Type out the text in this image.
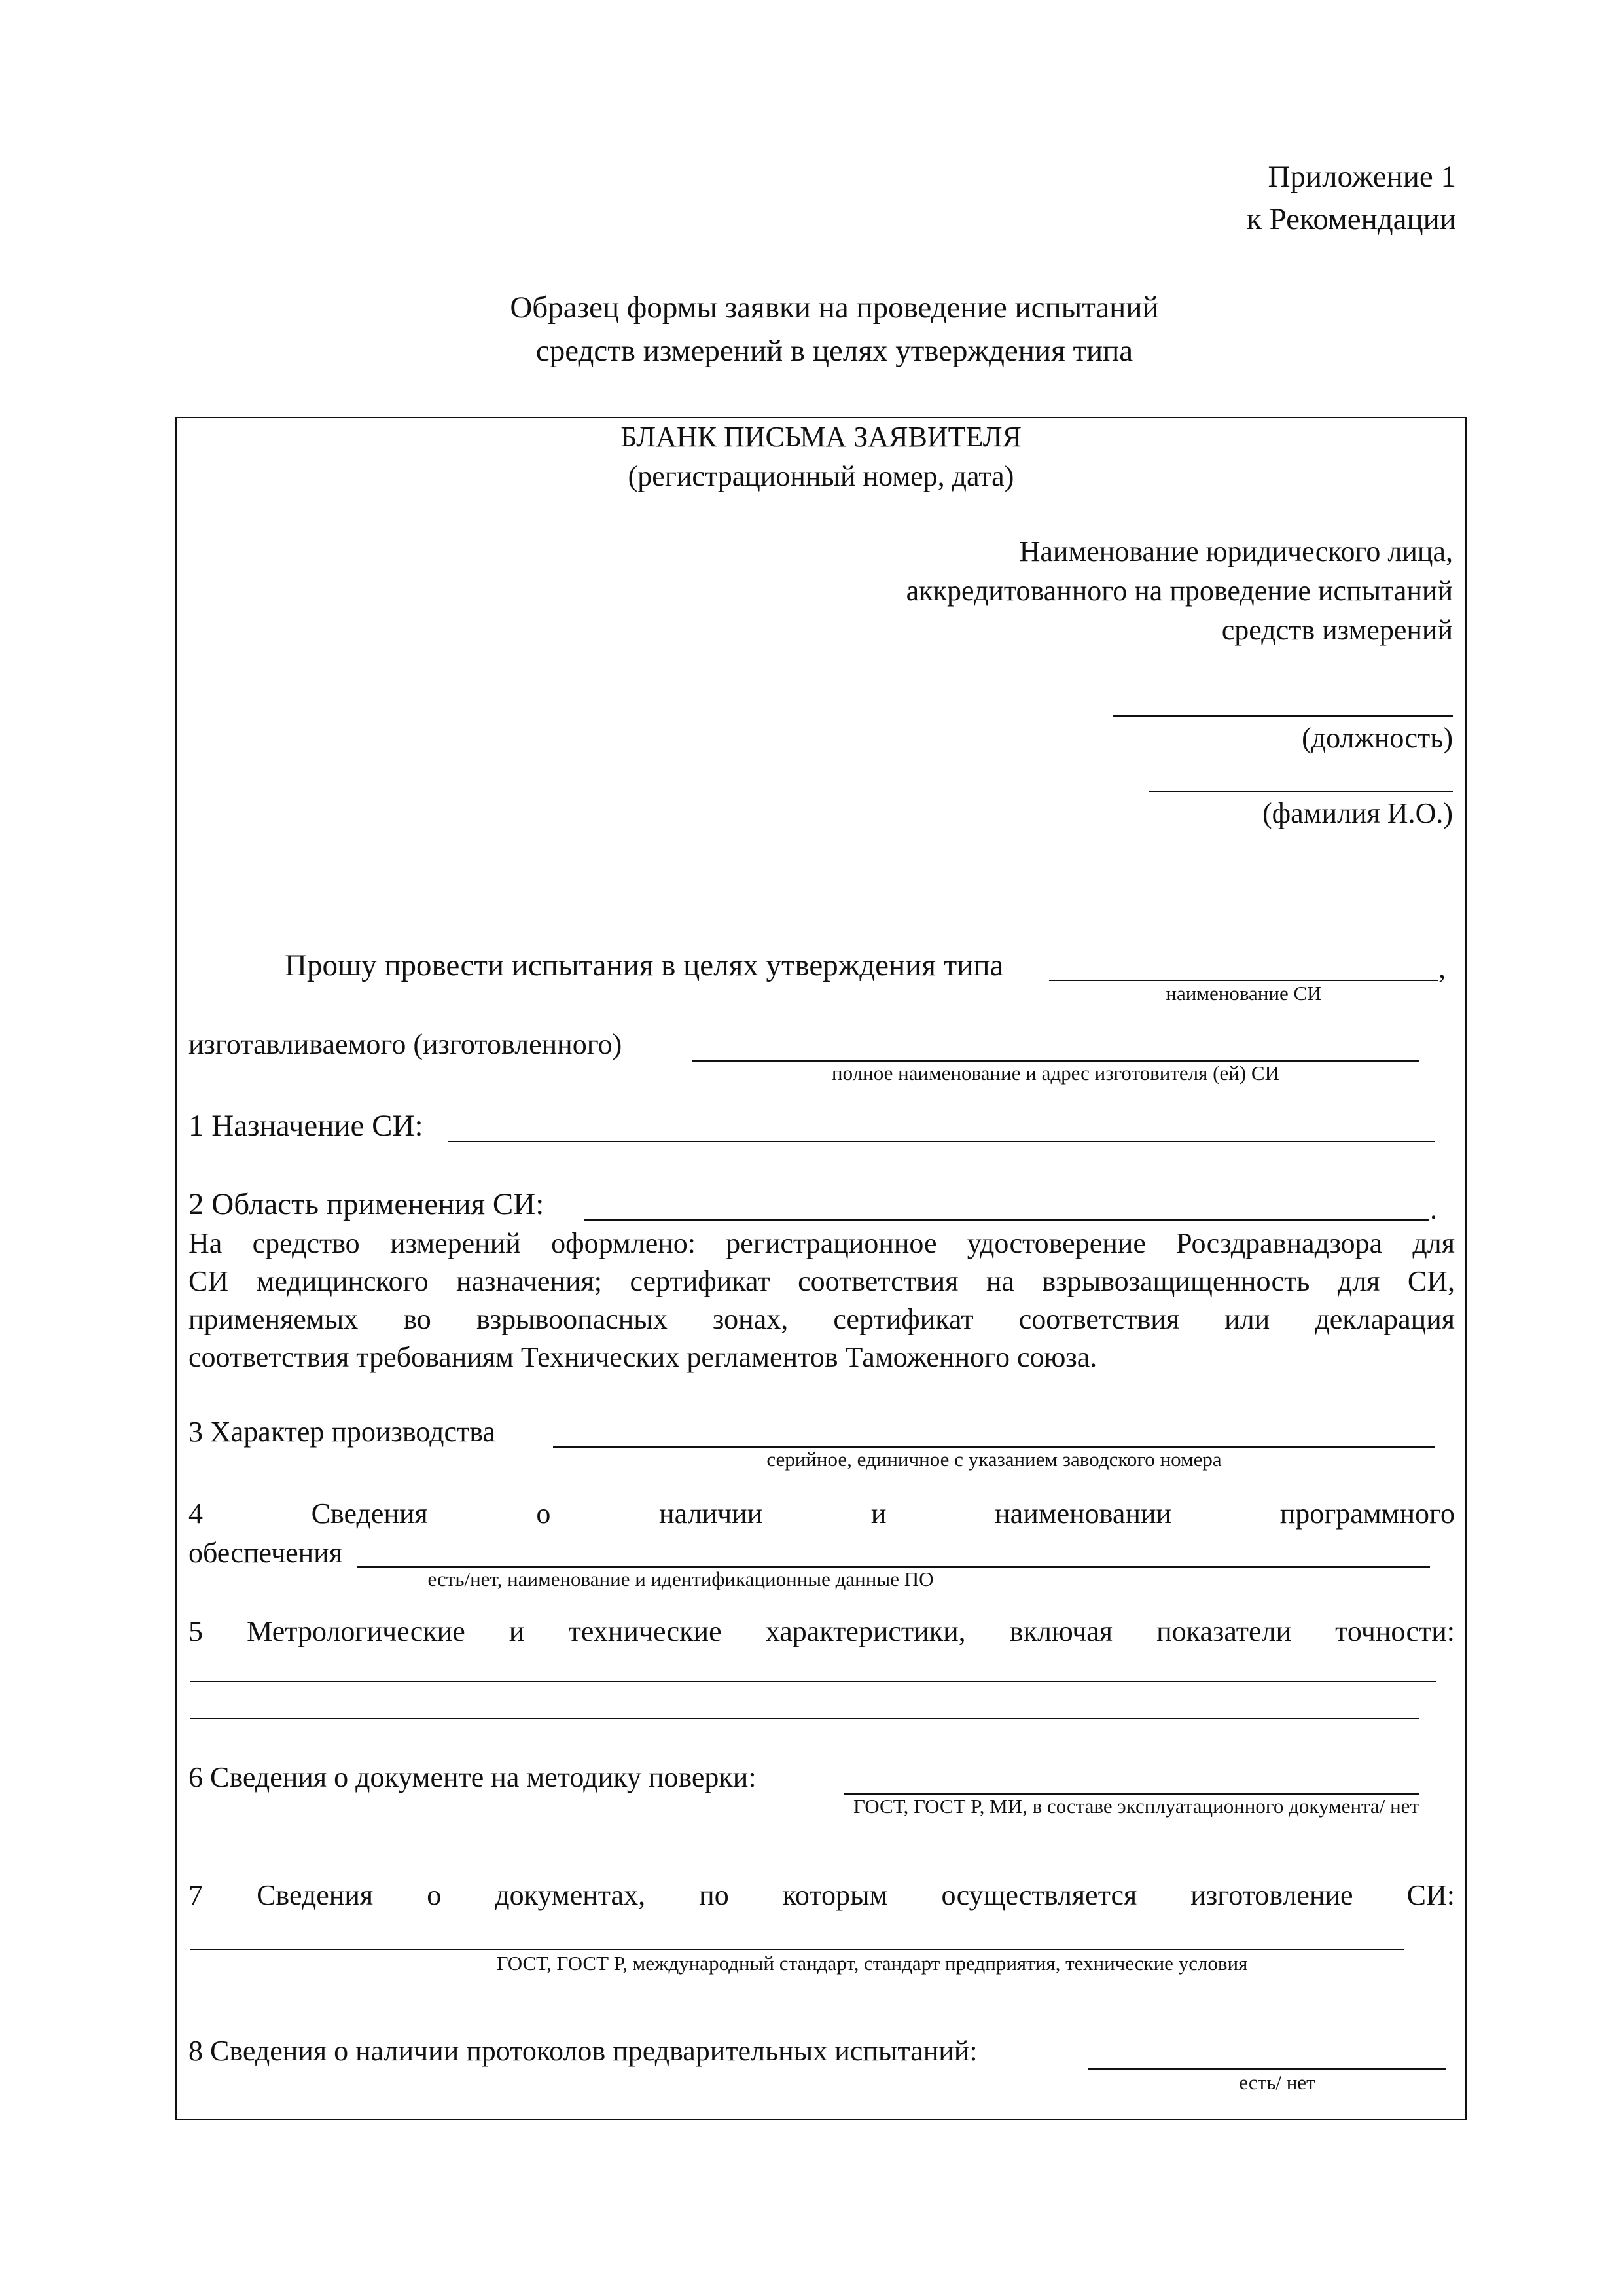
Приложение 1
к Рекомендации
Образец формы заявки на проведение испытаний
средств измерений в целях утверждения типа
БЛАНК ПИСЬМА ЗАЯВИТЕЛЯ
(регистрационный номер, дата)
Наименование юридического лица,
аккредитованного на проведение испытаний
средств измерений
(должность)
(фамилия И.О.)
Прошу провести испытания в целях утверждения типа	,
наименование СИ
изготавливаемого (изготовленного)
полное наименование и адрес изготовителя (ей) СИ
1 Назначение СИ:
2 Область применения СИ:	.
На средство измерений оформлено: регистрационное удостоверение Росздравнадзора для
СИ медицинского назначения; сертификат соответствия на взрывозащищенность для СИ,
применяемых во взрывоопасных зонах, сертификат соответствия или декларация
соответствия требованиям Технических регламентов Таможенного союза.
3 Характер производства
серийное, единичное с указанием заводского номера
4 Сведения о наличии и наименовании программного
обеспечения
есть/нет, наименование и идентификационные данные ПО
5 Метрологические и технические характеристики, включая показатели точности:
6 Сведения о документе на методику поверки:
ГОСТ, ГОСТ Р, МИ, в составе эксплуатационного документа/ нет
7 Сведения о документах, по которым осуществляется изготовление СИ:
ГОСТ, ГОСТ Р, международный стандарт, стандарт предприятия, технические условия
8 Сведения о наличии протоколов предварительных испытаний:
есть/ нет
